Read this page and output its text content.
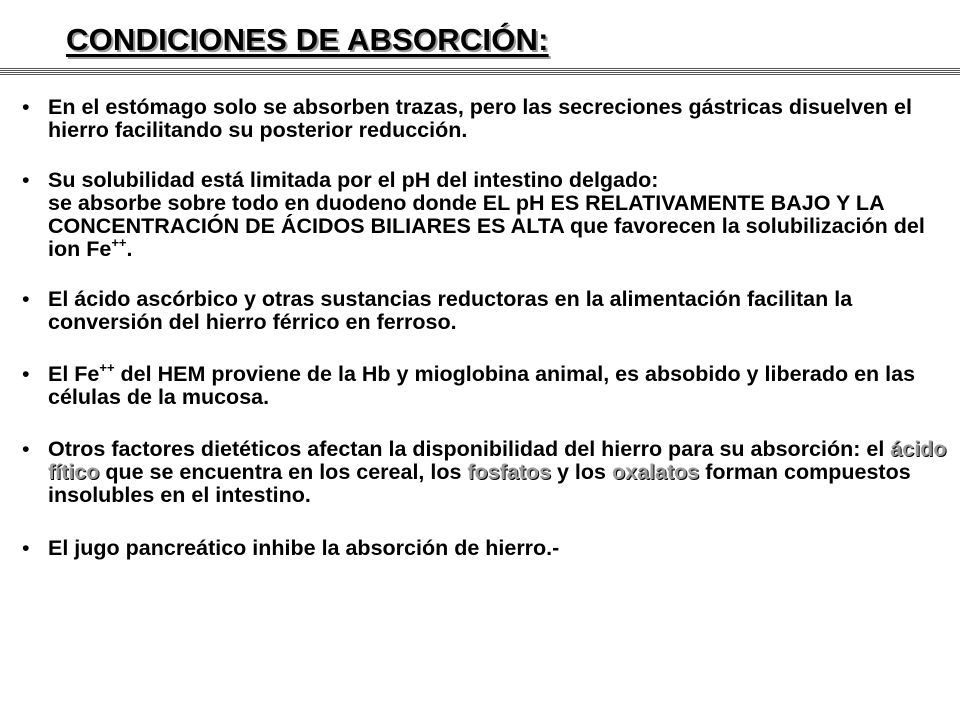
CONDICIONES DE ABSORCIÓN:
• En el estómago solo se absorben trazas, pero las secreciones gástricas disuelven el hierro facilitando su posterior reducción.

• Su solubilidad está limitada por el pH del intestino delgado:

se absorbe sobre todo en duodeno donde EL pH ES RELATIVAMENTE BAJO Y LA CONCENTRACIÓN DE ÁCIDOS BILIARES ES ALTA que favorecen la solubilización del ion Fe++.

• El ácido ascórbico y otras sustancias reductoras en la alimentación facilitan la conversión del hierro férrico en ferroso.

• El Fe++ del HEM proviene de la Hb y mioglobina animal, es absobido y liberado en las células de la mucosa.

• Otros factores dietéticos afectan la disponibilidad del hierro para su absorción: el ácido fítico que se encuentra en los cereal, los fosfatos y los oxalatos forman compuestos insolubles en el intestino.

• El jugo pancreático inhibe la absorción de hierro.-
